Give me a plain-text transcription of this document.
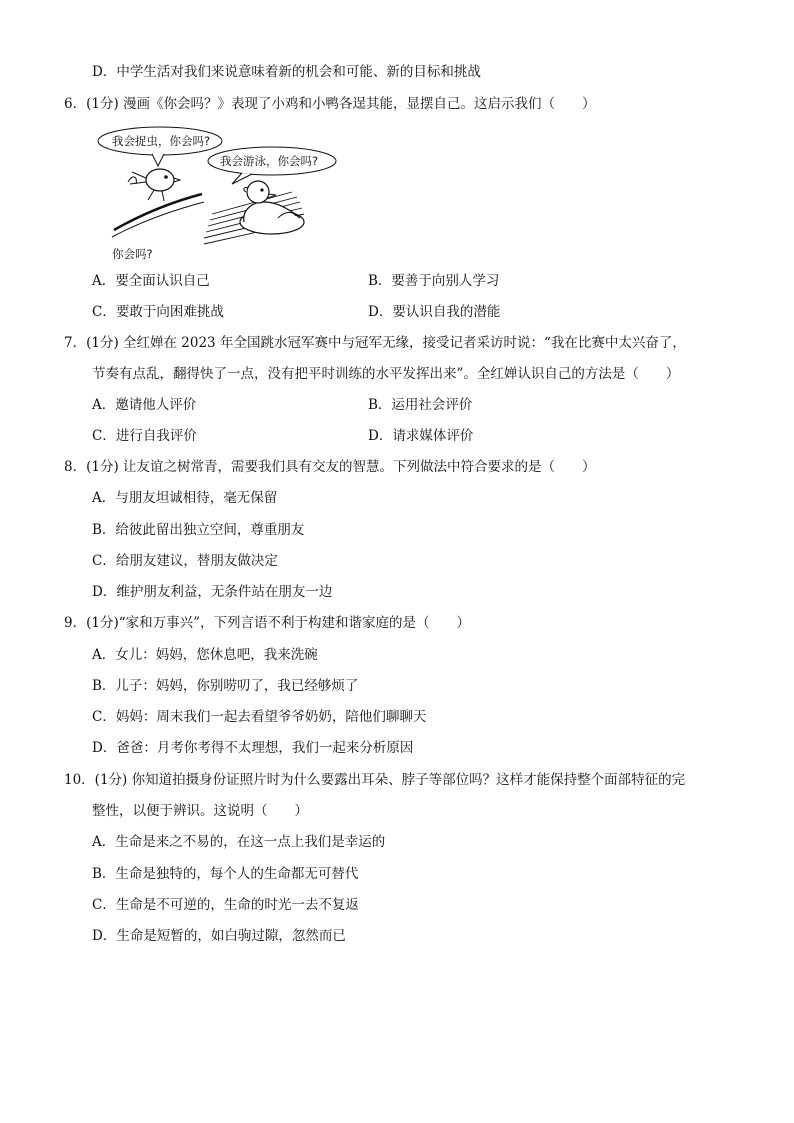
D．中学生活对我们来说意味着新的机会和可能、新的目标和挑战
6．(1分) 漫画《你会吗？》表现了小鸡和小鸭各逞其能，显摆自己。这启示我们（　　）
我会捉虫，你会吗?
我会游泳，你会吗?
你会吗?
A．要全面认识自己	B．要善于向别人学习
C．要敢于向困难挑战	D．要认识自我的潜能
7．(1分) 全红婵在 2023 年全国跳水冠军赛中与冠军无缘，接受记者采访时说：“我在比赛中太兴奋了，
节奏有点乱，翻得快了一点，没有把平时训练的水平发挥出来”。全红婵认识自己的方法是（　　）
A．邀请他人评价	B．运用社会评价
C．进行自我评价	D．请求媒体评价
8．(1分) 让友谊之树常青，需要我们具有交友的智慧。下列做法中符合要求的是（　　）
A．与朋友坦诚相待，毫无保留
B．给彼此留出独立空间，尊重朋友
C．给朋友建议，替朋友做决定
D．维护朋友利益，无条件站在朋友一边
9．(1分)“家和万事兴”，下列言语不利于构建和谐家庭的是（　　）
A．女儿：妈妈，您休息吧，我来洗碗
B．儿子：妈妈，你别唠叨了，我已经够烦了
C．妈妈：周末我们一起去看望爷爷奶奶，陪他们聊聊天
D．爸爸：月考你考得不太理想，我们一起来分析原因
10．(1分) 你知道拍摄身份证照片时为什么要露出耳朵、脖子等部位吗？这样才能保持整个面部特征的完
整性，以便于辨识。这说明（　　）
A．生命是来之不易的，在这一点上我们是幸运的
B．生命是独特的，每个人的生命都无可替代
C．生命是不可逆的，生命的时光一去不复返
D．生命是短暂的，如白驹过隙，忽然而已
